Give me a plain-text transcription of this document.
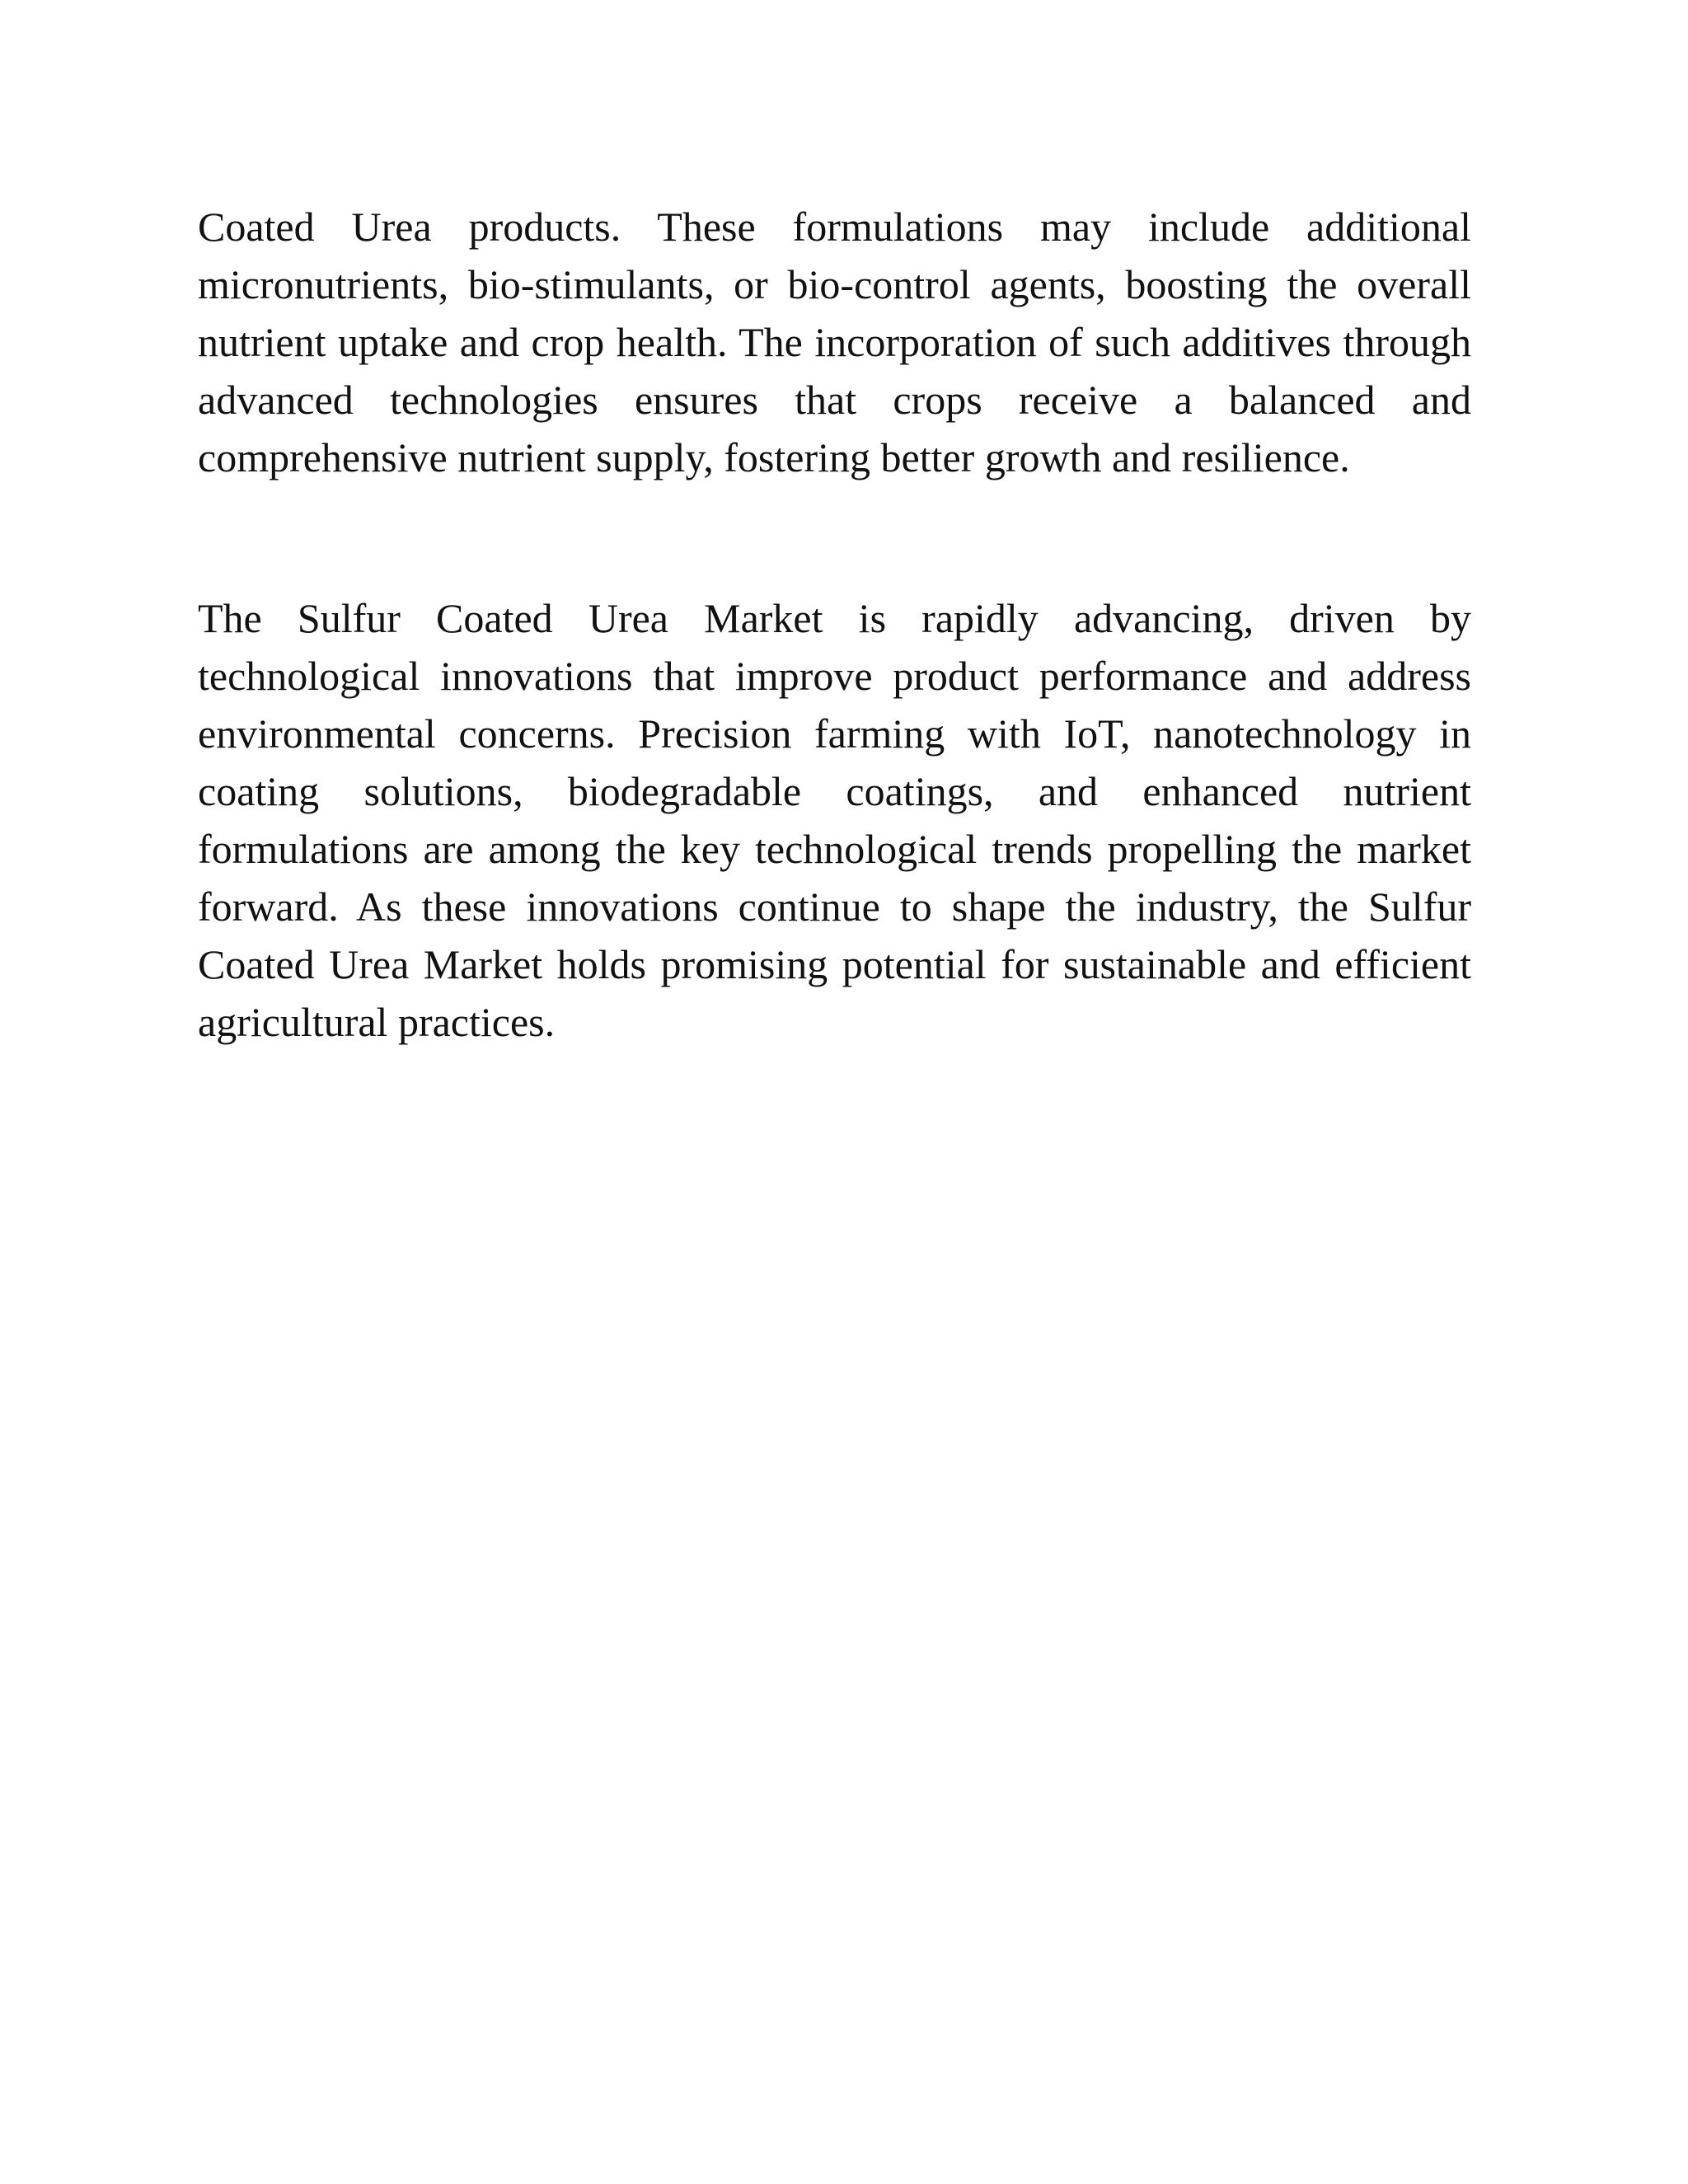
Coated Urea products. These formulations may include additional micronutrients, bio-stimulants, or bio-control agents, boosting the overall nutrient uptake and crop health. The incorporation of such additives through advanced technologies ensures that crops receive a balanced and comprehensive nutrient supply, fostering better growth and resilience.

The Sulfur Coated Urea Market is rapidly advancing, driven by technological innovations that improve product performance and address environmental concerns. Precision farming with IoT, nanotechnology in coating solutions, biodegradable coatings, and enhanced nutrient formulations are among the key technological trends propelling the market forward. As these innovations continue to shape the industry, the Sulfur Coated Urea Market holds promising potential for sustainable and efficient agricultural practices.
